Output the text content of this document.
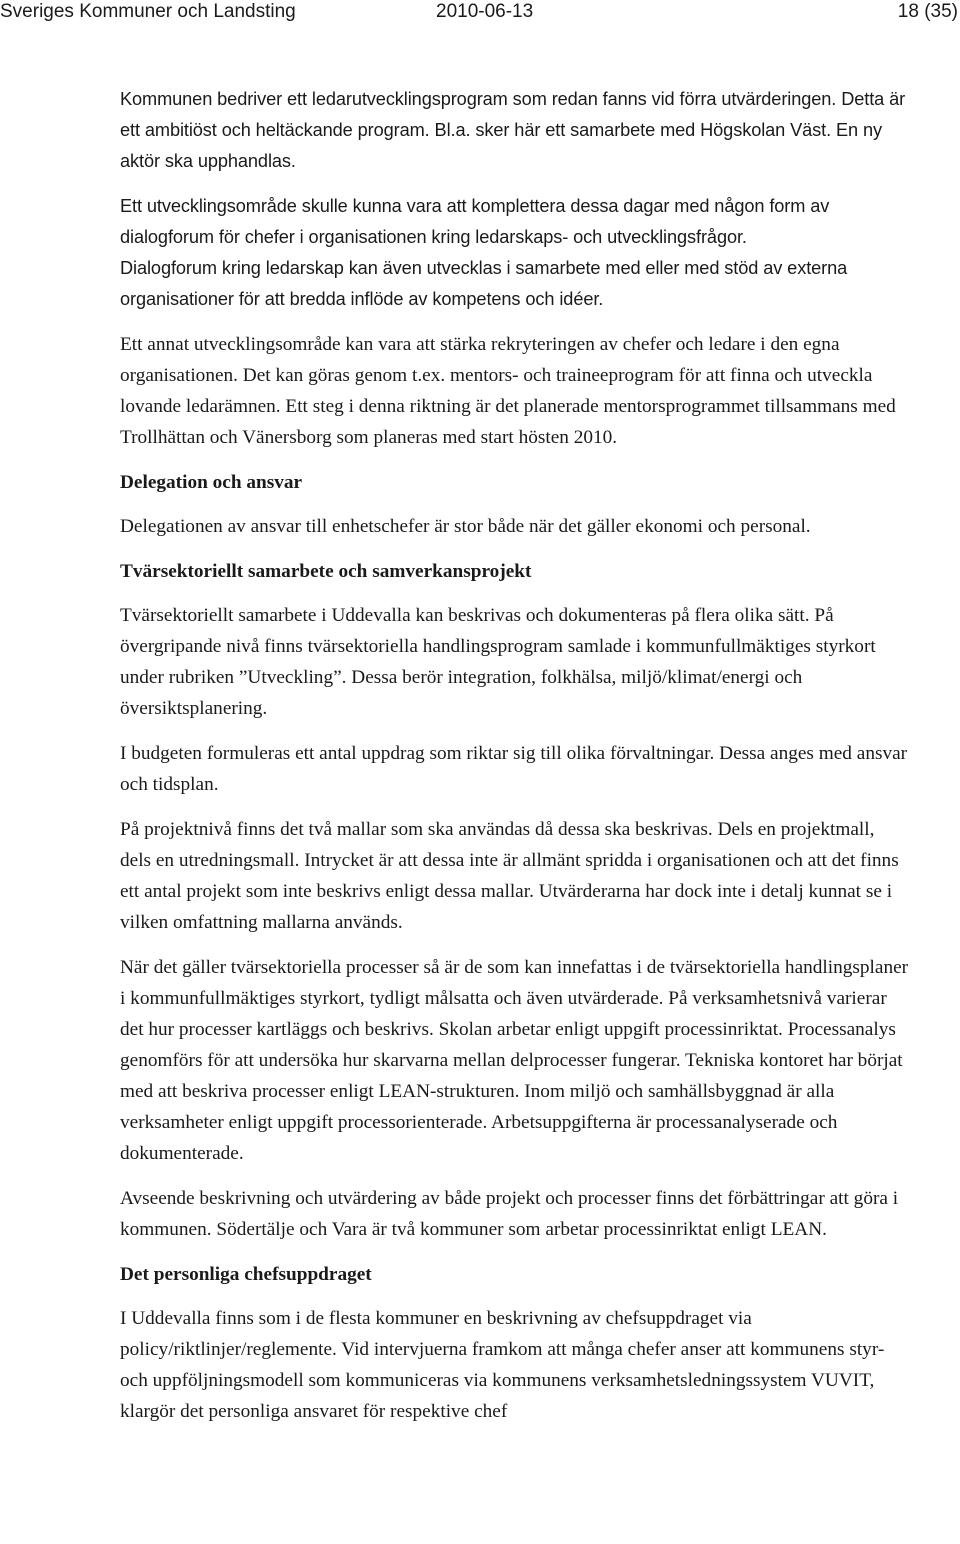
Sveriges Kommuner och Landsting	2010-06-13	18 (35)

Kommunen bedriver ett ledarutvecklingsprogram som redan fanns vid förra utvärderingen. Detta är ett ambitiöst och heltäckande program. Bl.a. sker här ett samarbete med Högskolan Väst. En ny aktör ska upphandlas.

Ett utvecklingsområde skulle kunna vara att komplettera dessa dagar med någon form av dialogforum för chefer i organisationen kring ledarskaps- och utvecklingsfrågor.

Dialogforum kring ledarskap kan även utvecklas i samarbete med eller med stöd av externa organisationer för att bredda inflöde av kompetens och idéer.

Ett annat utvecklingsområde kan vara att stärka rekryteringen av chefer och ledare i den egna organisationen. Det kan göras genom t.ex. mentors- och traineeprogram för att finna och utveckla lovande ledarämnen. Ett steg i denna riktning är det planerade mentorsprogrammet tillsammans med Trollhättan och Vänersborg som planeras med start hösten 2010.

Delegation och ansvar

Delegationen av ansvar till enhetschefer är stor både när det gäller ekonomi och personal.

Tvärsektoriellt samarbete och samverkansprojekt

Tvärsektoriellt samarbete i Uddevalla kan beskrivas och dokumenteras på flera olika sätt. På övergripande nivå finns tvärsektoriella handlingsprogram samlade i kommunfullmäktiges styrkort under rubriken ”Utveckling”. Dessa berör integration, folkhälsa, miljö/klimat/energi och översiktsplanering.

I budgeten formuleras ett antal uppdrag som riktar sig till olika förvaltningar. Dessa anges med ansvar och tidsplan.

På projektnivå finns det två mallar som ska användas då dessa ska beskrivas. Dels en projektmall, dels en utredningsmall. Intrycket är att dessa inte är allmänt spridda i organisationen och att det finns ett antal projekt som inte beskrivs enligt dessa mallar. Utvärderarna har dock inte i detalj kunnat se i vilken omfattning mallarna används.

När det gäller tvärsektoriella processer så är de som kan innefattas i de tvärsektoriella handlingsplaner i kommunfullmäktiges styrkort, tydligt målsatta och även utvärderade. På verksamhetsnivå varierar det hur processer kartläggs och beskrivs. Skolan arbetar enligt uppgift processinriktat. Processanalys genomförs för att undersöka hur skarvarna mellan delprocesser fungerar. Tekniska kontoret har börjat med att beskriva processer enligt LEAN-strukturen. Inom miljö och samhällsbyggnad är alla verksamheter enligt uppgift processorienterade. Arbetsuppgifterna är processanalyserade och dokumenterade.

Avseende beskrivning och utvärdering av både projekt och processer finns det förbättringar att göra i kommunen. Södertälje och Vara är två kommuner som arbetar processinriktat enligt LEAN.

Det personliga chefsuppdraget

I Uddevalla finns som i de flesta kommuner en beskrivning av chefsuppdraget via policy/riktlinjer/reglemente. Vid intervjuerna framkom att många chefer anser att kommunens styr- och uppföljningsmodell som kommuniceras via kommunens verksamhetsledningssystem VUVIT, klargör det personliga ansvaret för respektive chef
